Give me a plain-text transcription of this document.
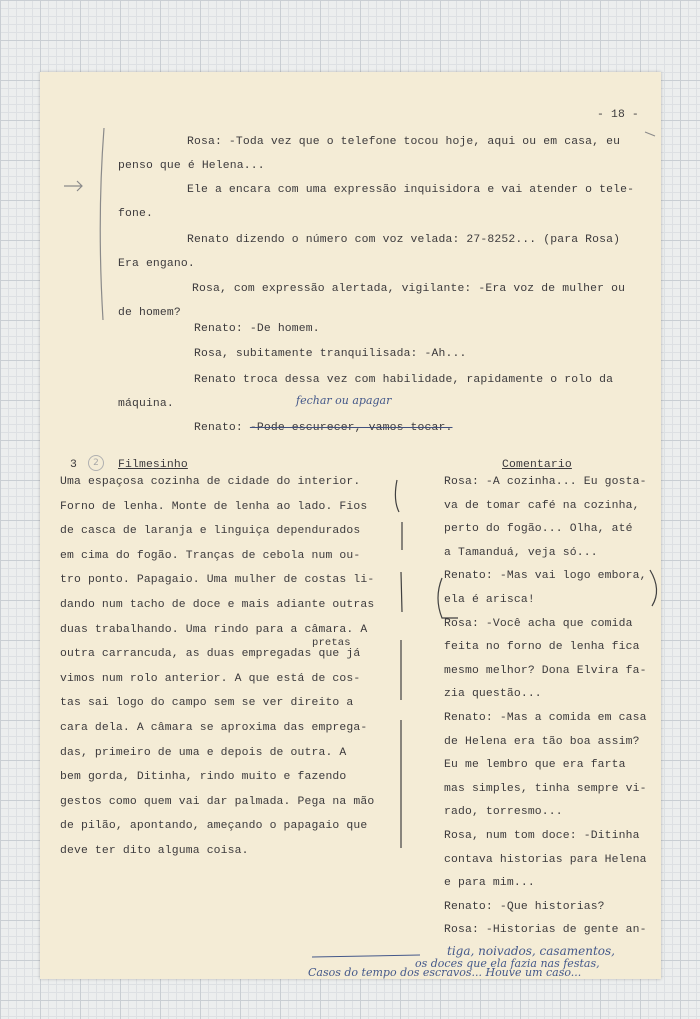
- 18 -
Rosa: -Toda vez que o telefone tocou hoje, aqui ou em casa, eu
penso que é Helena...
Ele a encara com uma expressão inquisidora e vai atender o tele-
fone.
Renato dizendo o número com voz velada: 27-8252... (para Rosa)
Era engano.
Rosa, com expressão alertada, vigilante: -Era voz de mulher ou
de homem?
Renato: -De homem.
Rosa, subitamente tranquilisada: -Ah...
Renato troca dessa vez com habilidade, rapidamente o rolo da
máquina.	fechar ou apagar
Renato: -Pode escurecer, vamos tocar.
3	2	Filmesinho	Comentario
pretas
Uma espaçosa cozinha de cidade do interior.
Forno de lenha. Monte de lenha ao lado. Fios
de casca de laranja e linguiça dependurados
em cima do fogão. Tranças de cebola num ou-
tro ponto. Papagaio. Uma mulher de costas li-
dando num tacho de doce e mais adiante outras
duas trabalhando. Uma rindo para a câmara. A
outra carrancuda, as duas empregadas que já
vimos num rolo anterior. A que está de cos-
tas sai logo do campo sem se ver direito a
cara dela. A câmara se aproxima das emprega-
das, primeiro de uma e depois de outra. A
bem gorda, Ditinha, rindo muito e fazendo
gestos como quem vai dar palmada. Pega na mão
de pilão, apontando, ameçando o papagaio que
deve ter dito alguma coisa.
Rosa: -A cozinha... Eu gosta-
va de tomar café na cozinha,
perto do fogão... Olha, até
a Tamanduá, veja só...
Renato: -Mas vai logo embora,
ela é arisca!
Rosa: -Você acha que comida
feita no forno de lenha fica
mesmo melhor? Dona Elvira fa-
zia questão...
Renato: -Mas a comida em casa
de Helena era tão boa assim?
Eu me lembro que era farta
mas simples, tinha sempre vi-
rado, torresmo...
Rosa, num tom doce: -Ditinha
contava historias para Helena
e para mim...
Renato: -Que historias?
Rosa: -Historias de gente an-
tiga, noivados, casamentos,
os doces que ela fazia nas festas,
Casos do tempo dos escravos... Houve um caso...
